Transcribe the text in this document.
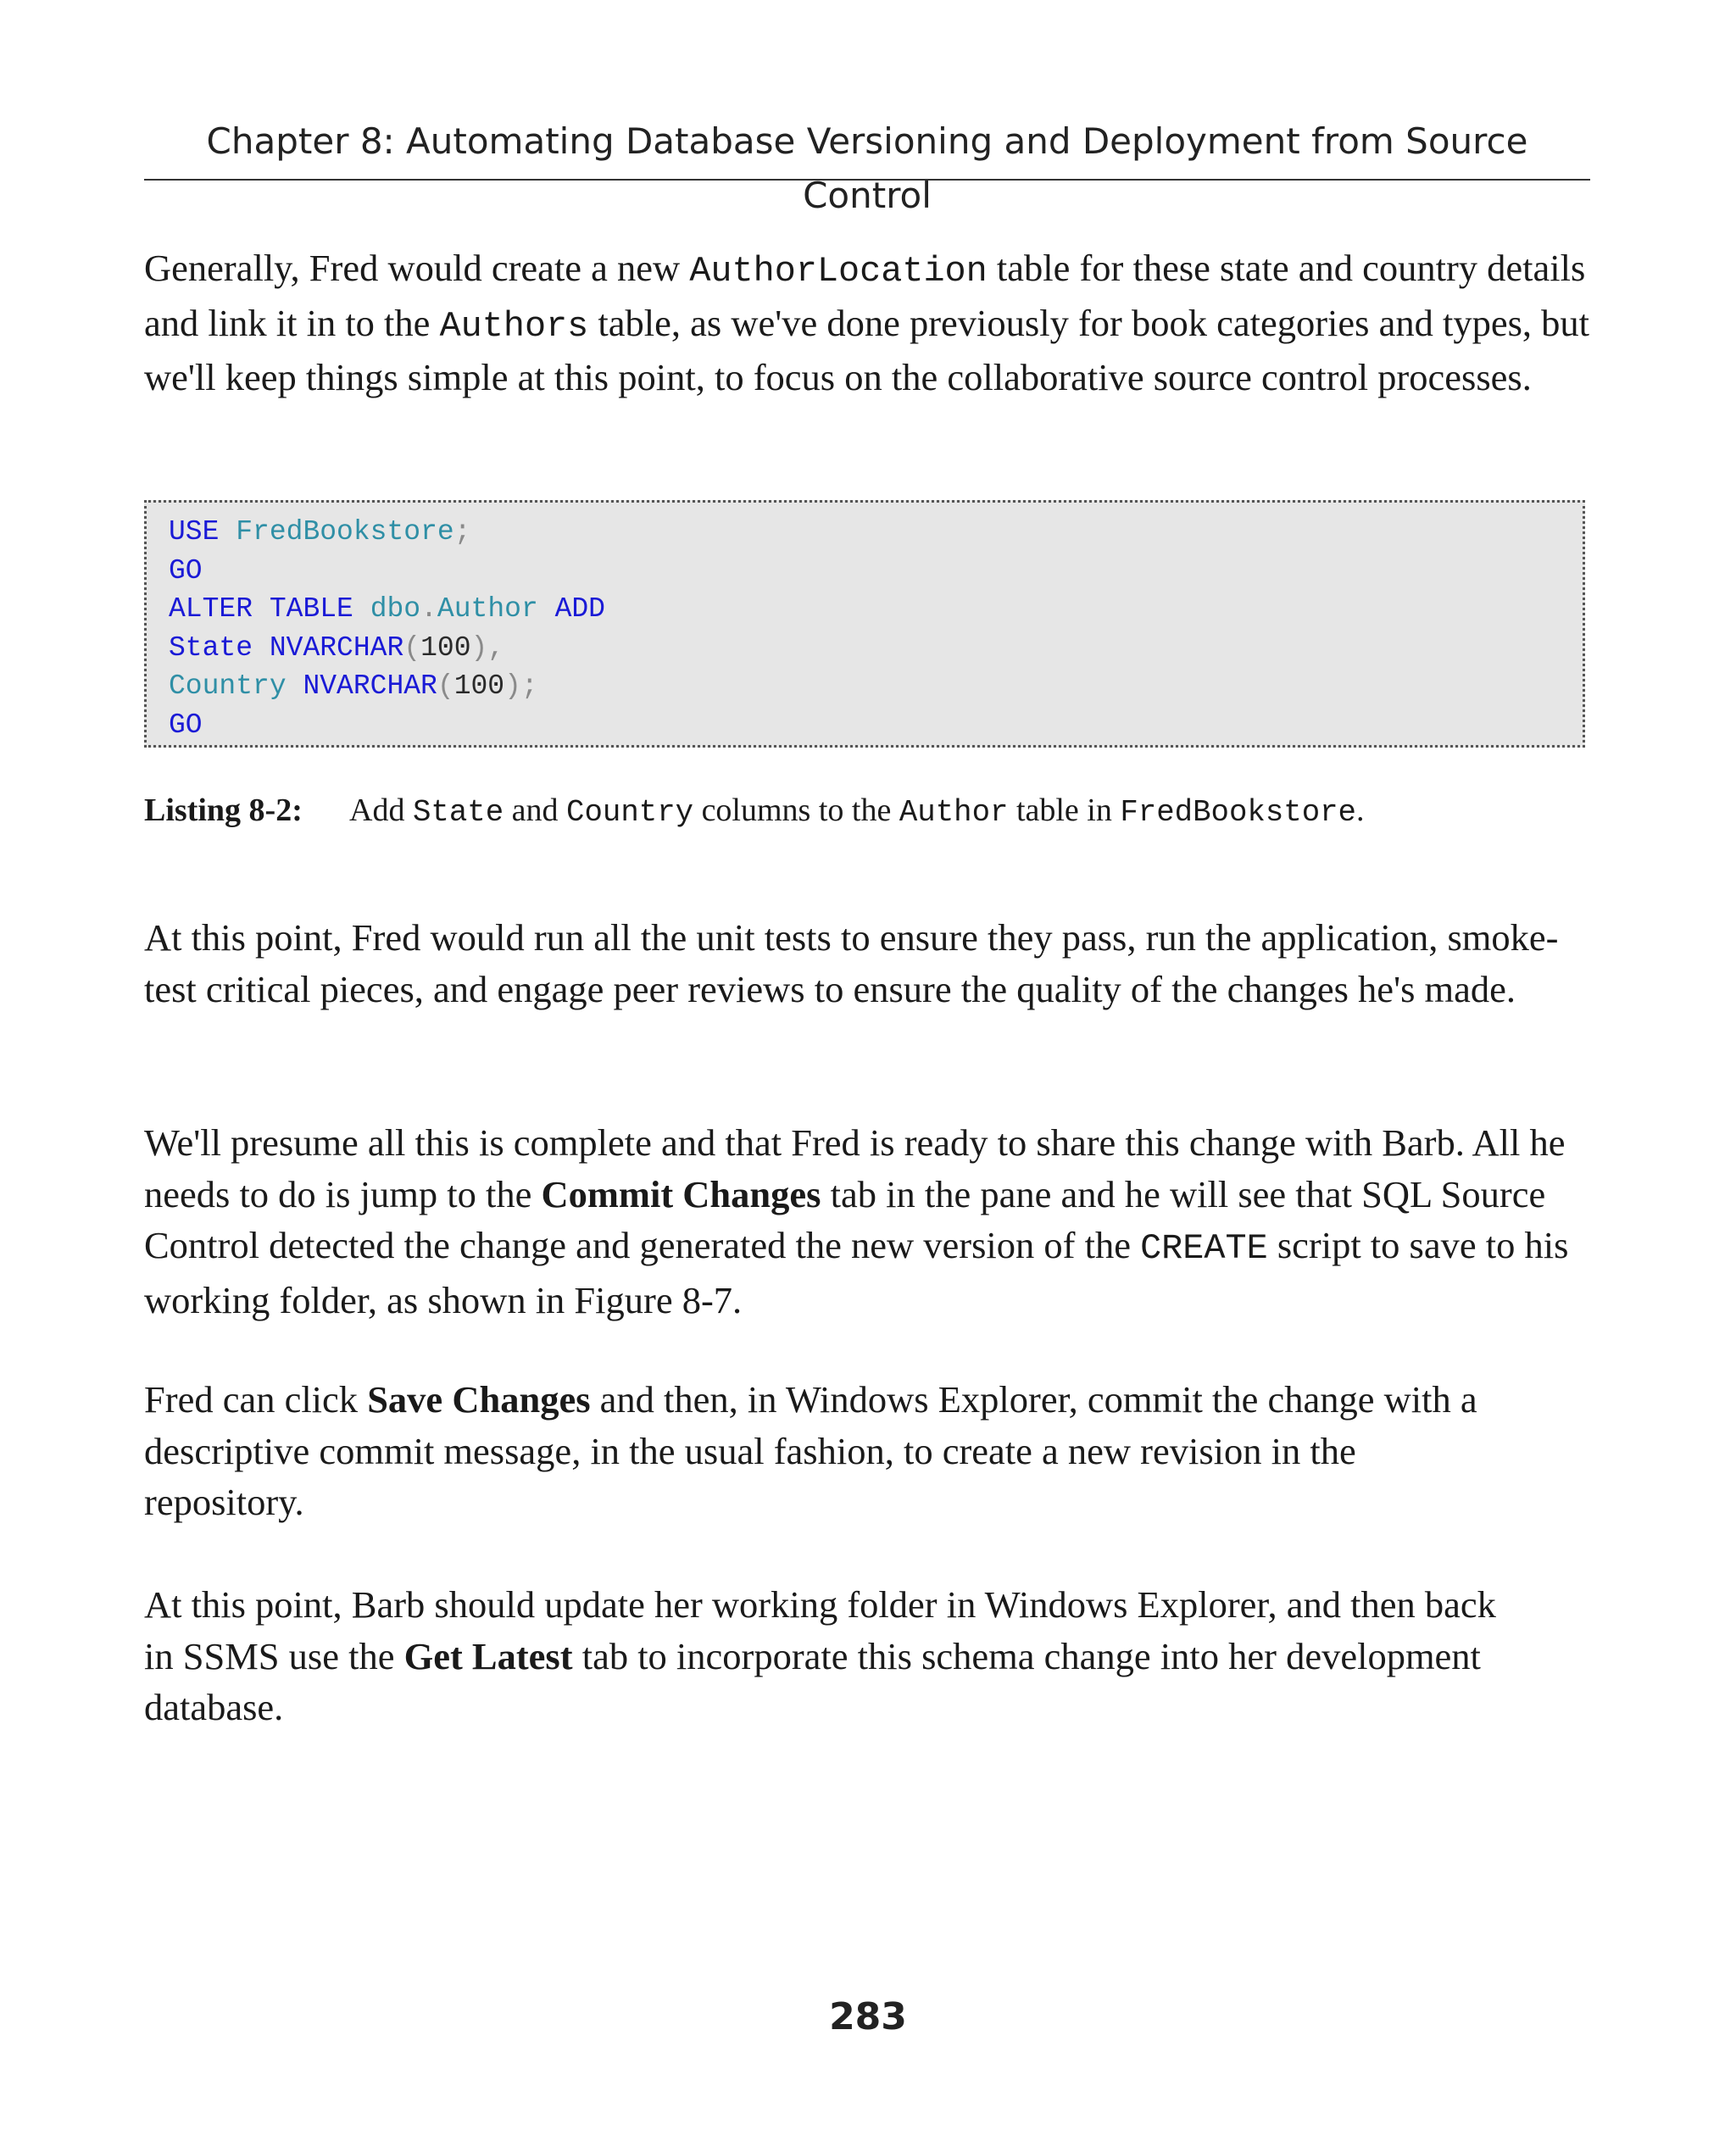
Chapter 8: Automating Database Versioning and Deployment from Source Control

Generally, Fred would create a new AuthorLocation table for these state and country details and link it in to the Authors table, as we've done previously for book categories and types, but we'll keep things simple at this point, to focus on the collaborative source control processes.

USE FredBookstore;
GO
ALTER TABLE dbo.Author ADD
State NVARCHAR(100),
Country NVARCHAR(100);
GO
Listing 8-2: Add State and Country columns to the Author table in FredBookstore.

At this point, Fred would run all the unit tests to ensure they pass, run the application, smoke-test critical pieces, and engage peer reviews to ensure the quality of the changes he's made.

We'll presume all this is complete and that Fred is ready to share this change with Barb. All he needs to do is jump to the Commit Changes tab in the pane and he will see that SQL Source Control detected the change and generated the new version of the CREATE script to save to his working folder, as shown in Figure 8-7.

Fred can click Save Changes and then, in Windows Explorer, commit the change with a descriptive commit message, in the usual fashion, to create a new revision in the repository.

At this point, Barb should update her working folder in Windows Explorer, and then back in SSMS use the Get Latest tab to incorporate this schema change into her development database.

283
